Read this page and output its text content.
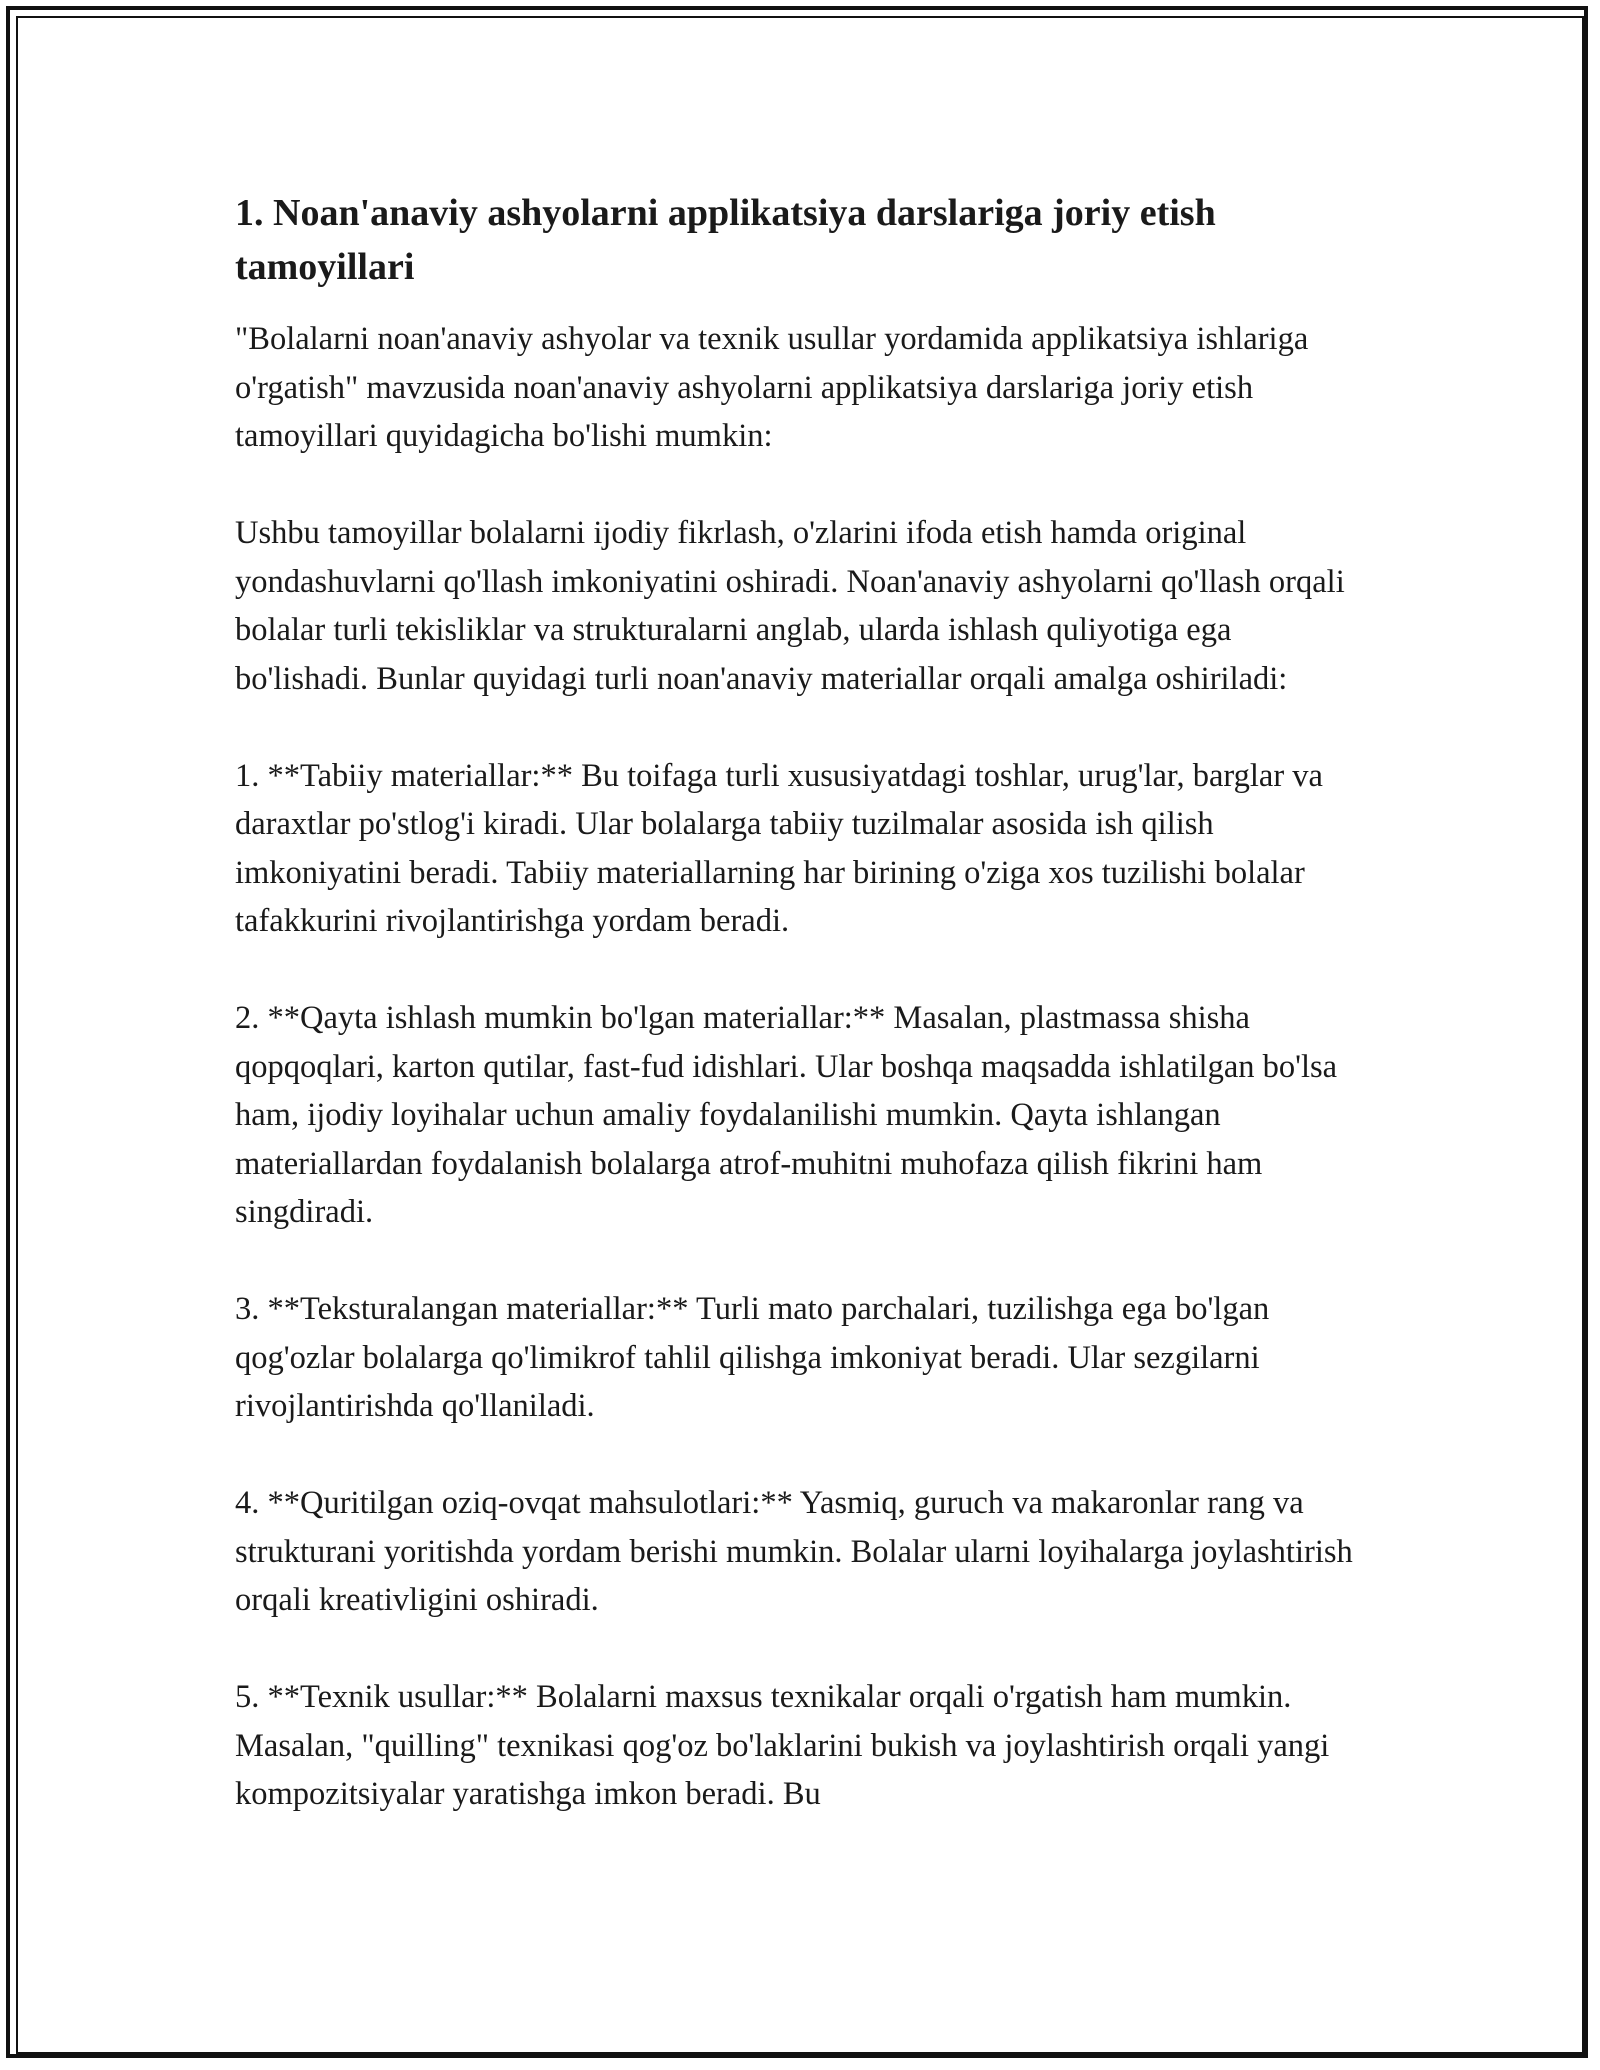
1. Noan'anaviy ashyolarni applikatsiya darslariga joriy etish tamoyillari

"Bolalarni noan'anaviy ashyolar va texnik usullar yordamida applikatsiya ishlariga o'rgatish" mavzusida noan'anaviy ashyolarni applikatsiya darslariga joriy etish tamoyillari quyidagicha bo'lishi mumkin:

Ushbu tamoyillar bolalarni ijodiy fikrlash, o'zlarini ifoda etish hamda original yondashuvlarni qo'llash imkoniyatini oshiradi. Noan'anaviy ashyolarni qo'llash orqali bolalar turli tekisliklar va strukturalarni anglab, ularda ishlash quliyotiga ega bo'lishadi. Bunlar quyidagi turli noan'anaviy materiallar orqali amalga oshiriladi:

1. **Tabiiy materiallar:** Bu toifaga turli xususiyatdagi toshlar, urug'lar, barglar va daraxtlar po'stlog'i kiradi. Ular bolalarga tabiiy tuzilmalar asosida ish qilish imkoniyatini beradi. Tabiiy materiallarning har birining o'ziga xos tuzilishi bolalar tafakkurini rivojlantirishga yordam beradi.

2. **Qayta ishlash mumkin bo'lgan materiallar:** Masalan, plastmassa shisha qopqoqlari, karton qutilar, fast-fud idishlari. Ular boshqa maqsadda ishlatilgan bo'lsa ham, ijodiy loyihalar uchun amaliy foydalanilishi mumkin. Qayta ishlangan materiallardan foydalanish bolalarga atrof-muhitni muhofaza qilish fikrini ham singdiradi.

3. **Teksturalangan materiallar:** Turli mato parchalari, tuzilishga ega bo'lgan qog'ozlar bolalarga qo'limikrof tahlil qilishga imkoniyat beradi. Ular sezgilarni rivojlantirishda qo'llaniladi.

4. **Quritilgan oziq-ovqat mahsulotlari:** Yasmiq, guruch va makaronlar rang va strukturani yoritishda yordam berishi mumkin. Bolalar ularni loyihalarga joylashtirish orqali kreativligini oshiradi.

5. **Texnik usullar:** Bolalarni maxsus texnikalar orqali o'rgatish ham mumkin. Masalan, "quilling" texnikasi qog'oz bo'laklarini bukish va joylashtirish orqali yangi kompozitsiyalar yaratishga imkon beradi. Bu
